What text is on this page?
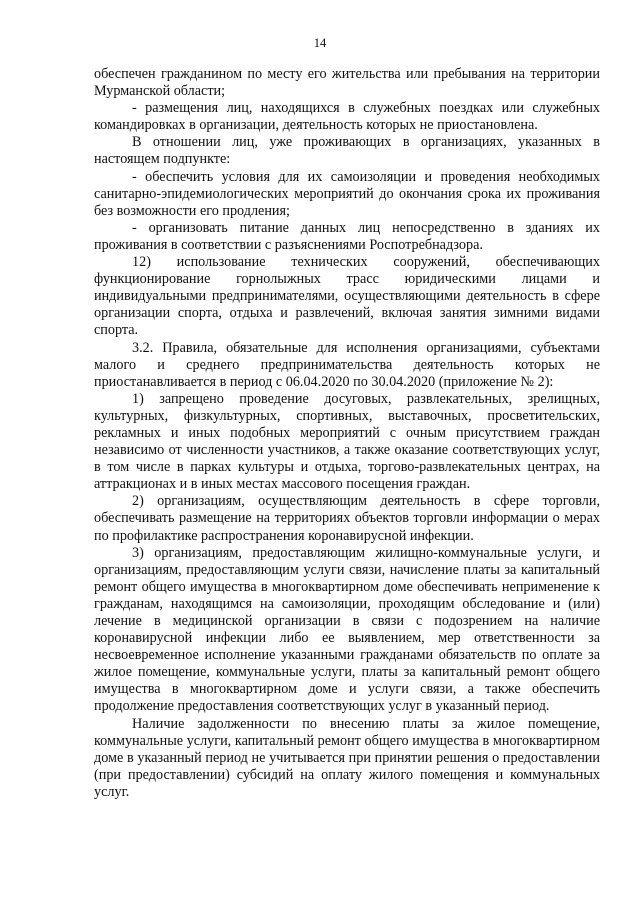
14

обеспечен гражданином по месту его жительства или пребывания на территории Мурманской области;

- размещения лиц, находящихся в служебных поездках или служебных командировках в организации, деятельность которых не приостановлена.

В отношении лиц, уже проживающих в организациях, указанных в настоящем подпункте:

- обеспечить условия для их самоизоляции и проведения необходимых санитарно-эпидемиологических мероприятий до окончания срока их проживания без возможности его продления;

- организовать питание данных лиц непосредственно в зданиях их проживания в соответствии с разъяснениями Роспотребнадзора.

12) использование технических сооружений, обеспечивающих функционирование горнолыжных трасс юридическими лицами и индивидуальными предпринимателями, осуществляющими деятельность в сфере организации спорта, отдыха и развлечений, включая занятия зимними видами спорта.

3.2. Правила, обязательные для исполнения организациями, субъектами малого и среднего предпринимательства деятельность которых не приостанавливается в период с 06.04.2020 по 30.04.2020 (приложение № 2):

1) запрещено проведение досуговых, развлекательных, зрелищных, культурных, физкультурных, спортивных, выставочных, просветительских, рекламных и иных подобных мероприятий с очным присутствием граждан независимо от численности участников, а также оказание соответствующих услуг, в том числе в парках культуры и отдыха, торгово-развлекательных центрах, на аттракционах и в иных местах массового посещения граждан.

2) организациям, осуществляющим деятельность в сфере торговли, обеспечивать размещение на территориях объектов торговли информации о мерах по профилактике распространения коронавирусной инфекции.

3) организациям, предоставляющим жилищно-коммунальные услуги, и организациям, предоставляющим услуги связи, начисление платы за капитальный ремонт общего имущества в многоквартирном доме обеспечивать неприменение к гражданам, находящимся на самоизоляции, проходящим обследование и (или) лечение в медицинской организации в связи с подозрением на наличие коронавирусной инфекции либо ее выявлением, мер ответственности за несвоевременное исполнение указанными гражданами обязательств по оплате за жилое помещение, коммунальные услуги, платы за капитальный ремонт общего имущества в многоквартирном доме и услуги связи, а также обеспечить продолжение предоставления соответствующих услуг в указанный период.

Наличие задолженности по внесению платы за жилое помещение, коммунальные услуги, капитальный ремонт общего имущества в многоквартирном доме в указанный период не учитывается при принятии решения о предоставлении (при предоставлении) субсидий на оплату жилого помещения и коммунальных услуг.
